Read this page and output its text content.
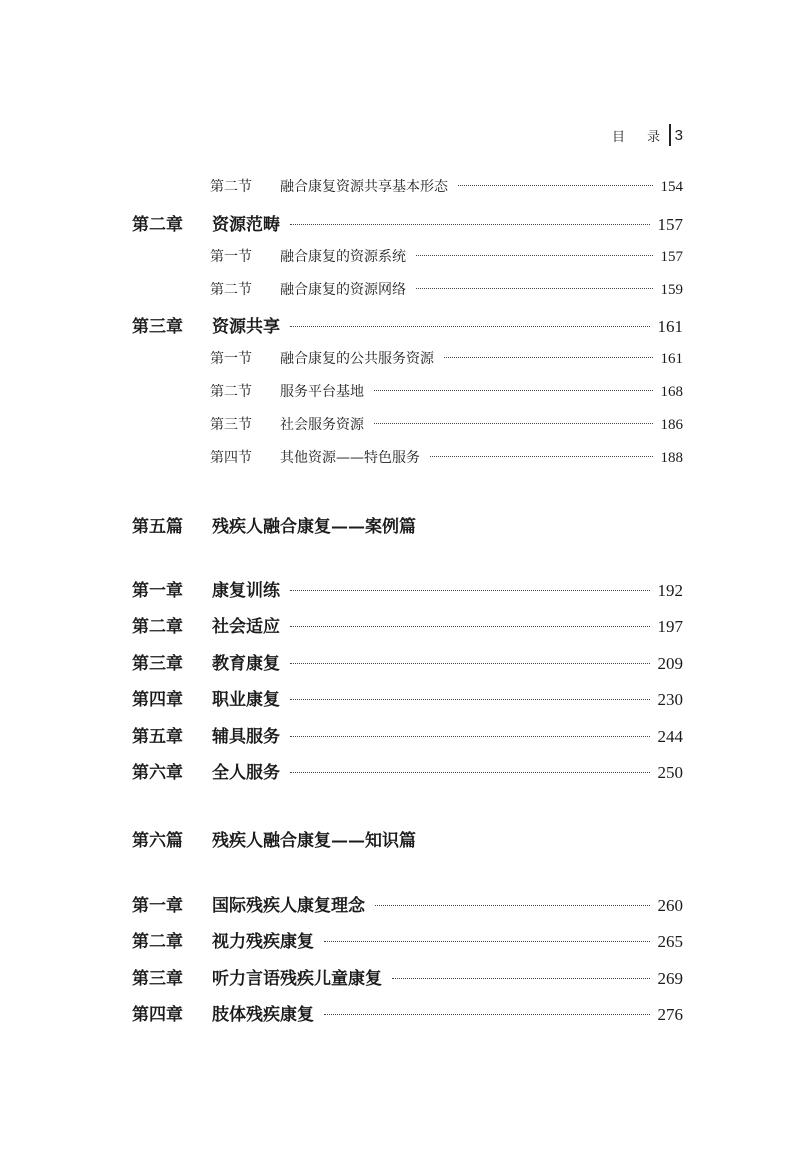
目 录 3
第二节	融合康复资源共享基本形态	154
第二章	资源范畴	157
第一节	融合康复的资源系统	157
第二节	融合康复的资源网络	159
第三章	资源共享	161
第一节	融合康复的公共服务资源	161
第二节	服务平台基地	168
第三节	社会服务资源	186
第四节	其他资源——特色服务	188
第五篇	残疾人融合康复——案例篇
第一章	康复训练	192
第二章	社会适应	197
第三章	教育康复	209
第四章	职业康复	230
第五章	辅具服务	244
第六章	全人服务	250
第六篇	残疾人融合康复——知识篇
第一章	国际残疾人康复理念	260
第二章	视力残疾康复	265
第三章	听力言语残疾儿童康复	269
第四章	肢体残疾康复	276
